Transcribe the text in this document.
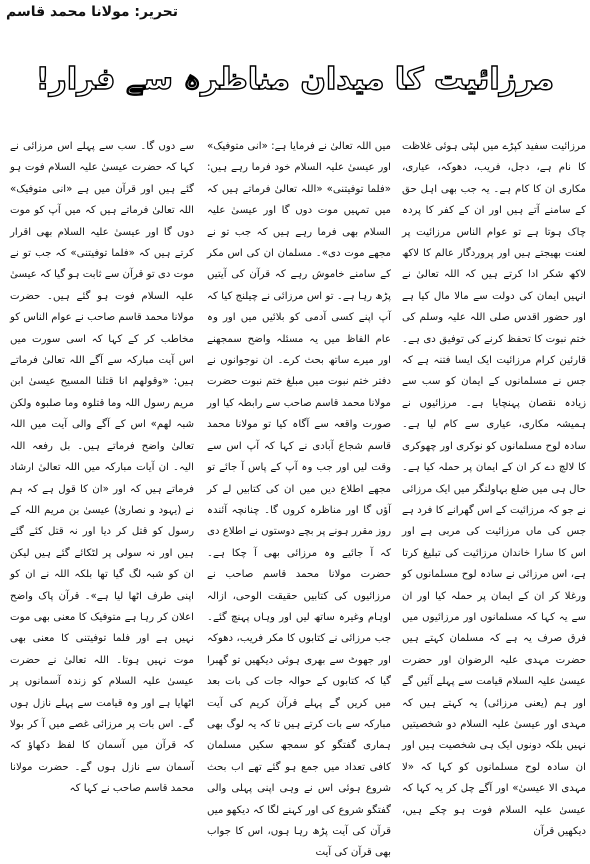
تحریر: مولانا محمد قاسم
مرزائیت کا میدان مناظرہ سے فرار!

مرزائیت سفید کپڑے میں لپٹی ہوئی غلاظت کا نام ہے، دجل، فریب، دھوکہ، عیاری، مکاری ان کا کام ہے۔ یہ جب بھی اہل حق کے سامنے آتے ہیں اور ان کے کفر کا پردہ چاک ہوتا ہے تو عوام الناس مرزائیت پر لعنت بھیجتے ہیں اور پروردگار عالم کا لاکھ لاکھ شکر ادا کرتے ہیں کہ اللہ تعالیٰ نے انہیں ایمان کی دولت سے مالا مال کیا ہے اور حضور اقدس صلی اللہ علیہ وسلم کی ختم نبوت کا تحفظ کرنے کی توفیق دی ہے۔ قارئین کرام مرزائیت ایک ایسا فتنہ ہے کہ جس نے مسلمانوں کے ایمان کو سب سے زیادہ نقصان پہنچایا ہے۔ مرزائیوں نے ہمیشہ مکاری، عیاری سے کام لیا ہے۔ سادہ لوح مسلمانوں کو نوکری اور چھوکری کا لالچ دے کر ان کے ایمان پر حملہ کیا ہے۔ حال ہی میں ضلع بہاولنگر میں ایک مرزائی نے جو کہ مرزائیت کے اس گھرانے کا فرد ہے جس کی ماں مرزائیت کی مربی ہے اور اس کا سارا خاندان مرزائیت کی تبلیغ کرتا ہے، اس مرزائی نے سادہ لوح مسلمانوں کو ورغلا کر ان کے ایمان پر حملہ کیا اور ان سے یہ کہا کہ مسلمانوں اور مرزائیوں میں فرق صرف یہ ہے کہ مسلمان کہتے ہیں حضرت مہدی علیہ الرضوان اور حضرت عیسیٰ علیہ السلام قیامت سے پہلے آئیں گے اور ہم (یعنی مرزائی) یہ کہتے ہیں کہ مہدی اور عیسیٰ علیہ السلام دو شخصیتیں نہیں بلکہ دونوں ایک ہی شخصیت ہیں اور ان سادہ لوح مسلمانوں کو کہا کہ «لا مہدی الا عیسیٰ» اور آگے چل کر یہ کہا کہ عیسیٰ علیہ السلام فوت ہو چکے ہیں، دیکھیں قرآن

میں اللہ تعالیٰ نے فرمایا ہے: «انی متوفیک» اور عیسیٰ علیہ السلام خود فرما رہے ہیں: «فلما توفیتنی» «اللہ تعالیٰ فرماتے ہیں کہ میں تمہیں موت دوں گا اور عیسیٰ علیہ السلام بھی فرما رہے ہیں کہ جب تو نے مجھے موت دی»۔ مسلمان ان کی اس مکر کے سامنے خاموش رہے کہ قرآن کی آیتیں پڑھ رہا ہے۔ تو اس مرزائی نے چیلنج کیا کہ آپ اپنے کسی آدمی کو بلائیں میں اور وہ عام الفاظ میں یہ مسئلہ واضح سمجھنے اور میرے ساتھ بحث کرے۔ ان نوجوانوں نے دفتر ختم نبوت میں مبلغ ختم نبوت حضرت مولانا محمد قاسم صاحب سے رابطہ کیا اور صورت واقعہ سے آگاہ کیا تو مولانا محمد قاسم شجاع آبادی نے کہا کہ آپ اس سے وقت لیں اور جب وہ آپ کے پاس آ جائے تو مجھے اطلاع دیں میں ان کی کتابیں لے کر آؤں گا اور مناظرہ کروں گا۔ چنانچہ آئندہ روز مقرر ہونے پر بچے دوستوں نے اطلاع دی کہ آ جائیے وہ مرزائی بھی آ چکا ہے۔ حضرت مولانا محمد قاسم صاحب نے مرزائیوں کی کتابیں حقیقت الوحی، ازالہ اوہام وغیرہ ساتھ لیں اور وہاں پہنچ گئے۔ جب مرزائی نے کتابوں کا مکر فریب، دھوکہ اور جھوٹ سے بھری ہوئی دیکھیں تو گھبرا گیا کہ کتابوں کے حوالہ جات کی بات بعد میں کریں گے پہلے قرآن کریم کی آیت مبارکہ سے بات کرتے ہیں تا کہ یہ لوگ بھی ہماری گفتگو کو سمجھ سکیں مسلمان کافی تعداد میں جمع ہو گئے تھے اب بحث شروع ہوئی اس نے وہی اپنی پہلی والی گفتگو شروع کی اور کہنے لگا کہ دیکھو میں قرآن کی آیت پڑھ رہا ہوں، اس کا جواب بھی قرآن کی آیت

سے دوں گا۔ سب سے پہلے اس مرزائی نے کہا کہ حضرت عیسیٰ علیہ السلام فوت ہو گئے ہیں اور قرآن میں ہے «انی متوفیک» اللہ تعالیٰ فرماتے ہیں کہ میں آپ کو موت دوں گا اور عیسیٰ علیہ السلام بھی اقرار کرتے ہیں کہ «فلما توفیتنی» کہ جب تو نے موت دی تو قرآن سے ثابت ہو گیا کہ عیسیٰ علیہ السلام فوت ہو گئے ہیں۔ حضرت مولانا محمد قاسم صاحب نے عوام الناس کو مخاطب کر کے کہا کہ اسی سورت میں اس آیت مبارکہ سے آگے اللہ تعالیٰ فرماتے ہیں: «وقولھم انا قتلنا المسیح عیسیٰ ابن مریم رسول اللہ وما قتلوہ وما صلبوہ ولکن شبہ لھم» اس کے آگے والی آیت میں اللہ تعالیٰ واضح فرماتے ہیں۔ بل رفعہ اللہ الیہ۔ ان آیات مبارکہ میں اللہ تعالیٰ ارشاد فرماتے ہیں کہ اور «ان کا قول ہے کہ ہم نے (یہود و نصاریٰ) عیسیٰ بن مریم اللہ کے رسول کو قتل کر دیا اور نہ قتل کئے گئے ہیں اور نہ سولی پر لٹکائے گئے ہیں لیکن ان کو شبہ لگ گیا تھا بلکہ اللہ نے ان کو اپنی طرف اٹھا لیا ہے»۔ قرآن پاک واضح اعلان کر رہا ہے متوفیک کا معنی بھی موت نہیں ہے اور فلما توفیتنی کا معنی بھی موت نہیں ہوتا۔ اللہ تعالیٰ نے حضرت عیسیٰ علیہ السلام کو زندہ آسمانوں پر اٹھایا ہے اور وہ قیامت سے پہلے نازل ہوں گے۔ اس بات پر مرزائی غصے میں آ کر بولا کہ قرآن میں آسمان کا لفظ دکھاؤ کہ آسمان سے نازل ہوں گے۔ حضرت مولانا محمد قاسم صاحب نے کہا کہ
